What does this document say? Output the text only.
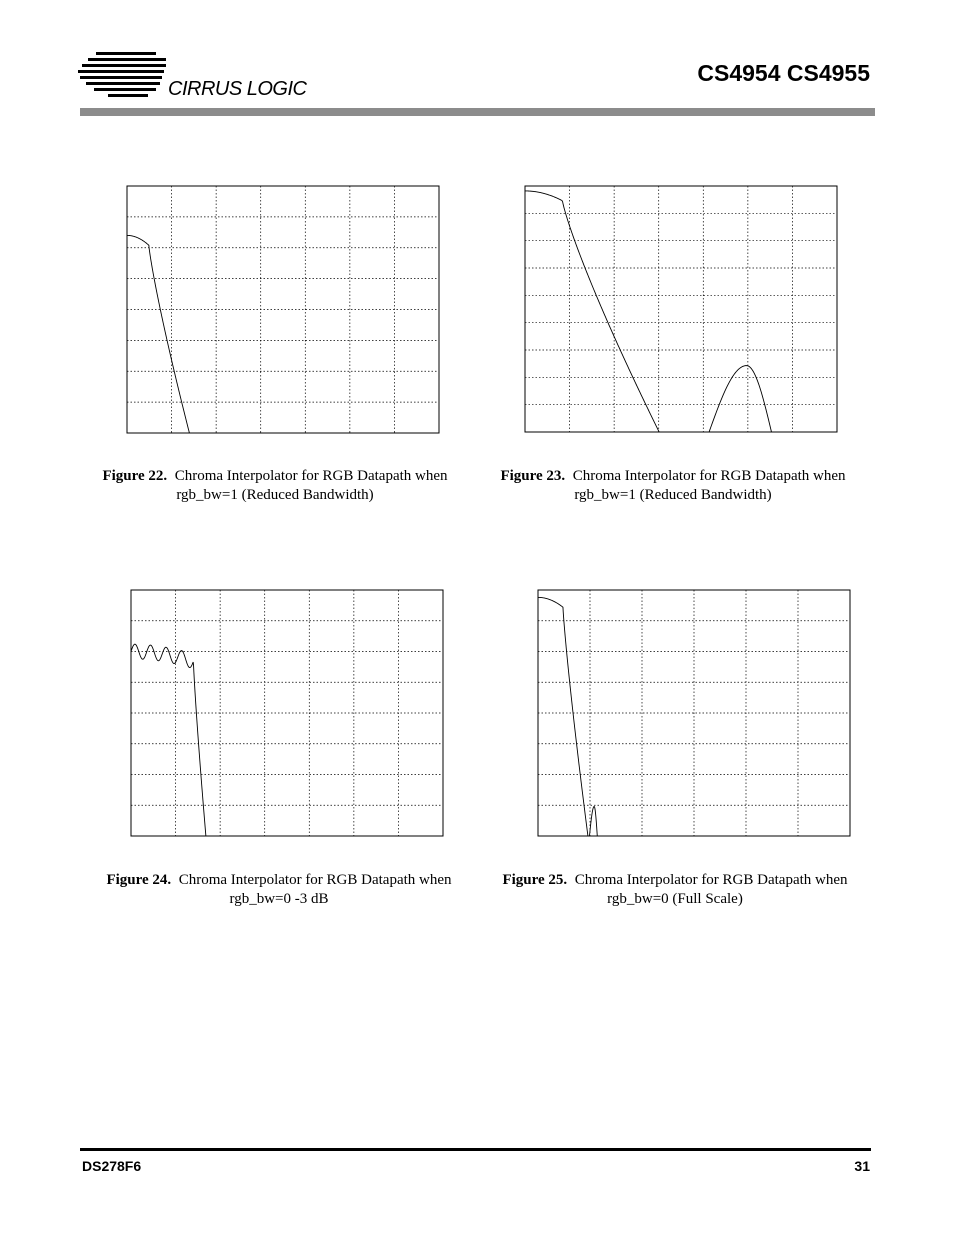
CIRRUS LOGIC
CS4954 CS4955
Figure 22. Chroma Interpolator for RGB Datapath when
rgb_bw=1 (Reduced Bandwidth)
Figure 23. Chroma Interpolator for RGB Datapath when
rgb_bw=1 (Reduced Bandwidth)
Figure 24. Chroma Interpolator for RGB Datapath when
rgb_bw=0 -3 dB
Figure 25. Chroma Interpolator for RGB Datapath when
rgb_bw=0 (Full Scale)
DS278F6	31
